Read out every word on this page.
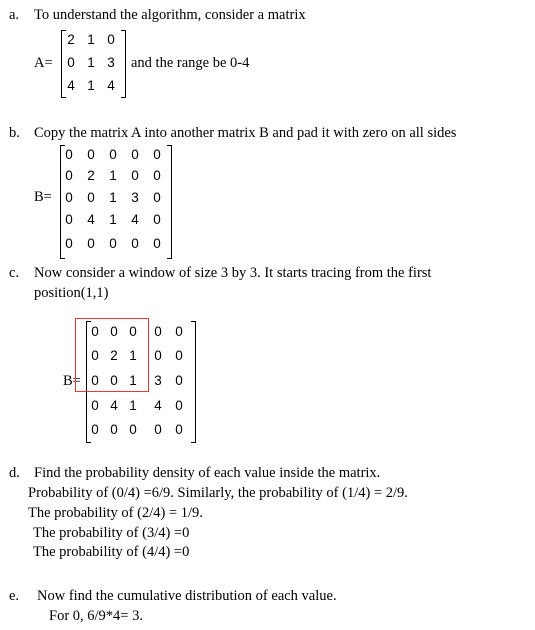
a. To understand the algorithm, consider a matrix
A=
2 1 0
0 1 3
4 1 4
and the range be 0-4
b. Copy the matrix A into another matrix B and pad it with zero on all sides
B=
0 0 0 0 0
0 2 1 0 0
0 0 1 3 0
0 4 1 4 0
0 0 0 0 0
c. Now consider a window of size 3 by 3. It starts tracing from the first
position(1,1)
B=
0 0 0 0 0
0 2 1 0 0
0 0 1 3 0
0 4 1 4 0
0 0 0 0 0
d. Find the probability density of each value inside the matrix.
Probability of (0/4) =6/9. Similarly, the probability of (1/4) = 2/9.
The probability of (2/4) = 1/9.
The probability of (3/4) =0
The probability of (4/4) =0
e. Now find the cumulative distribution of each value.
For 0, 6/9*4= 3.
